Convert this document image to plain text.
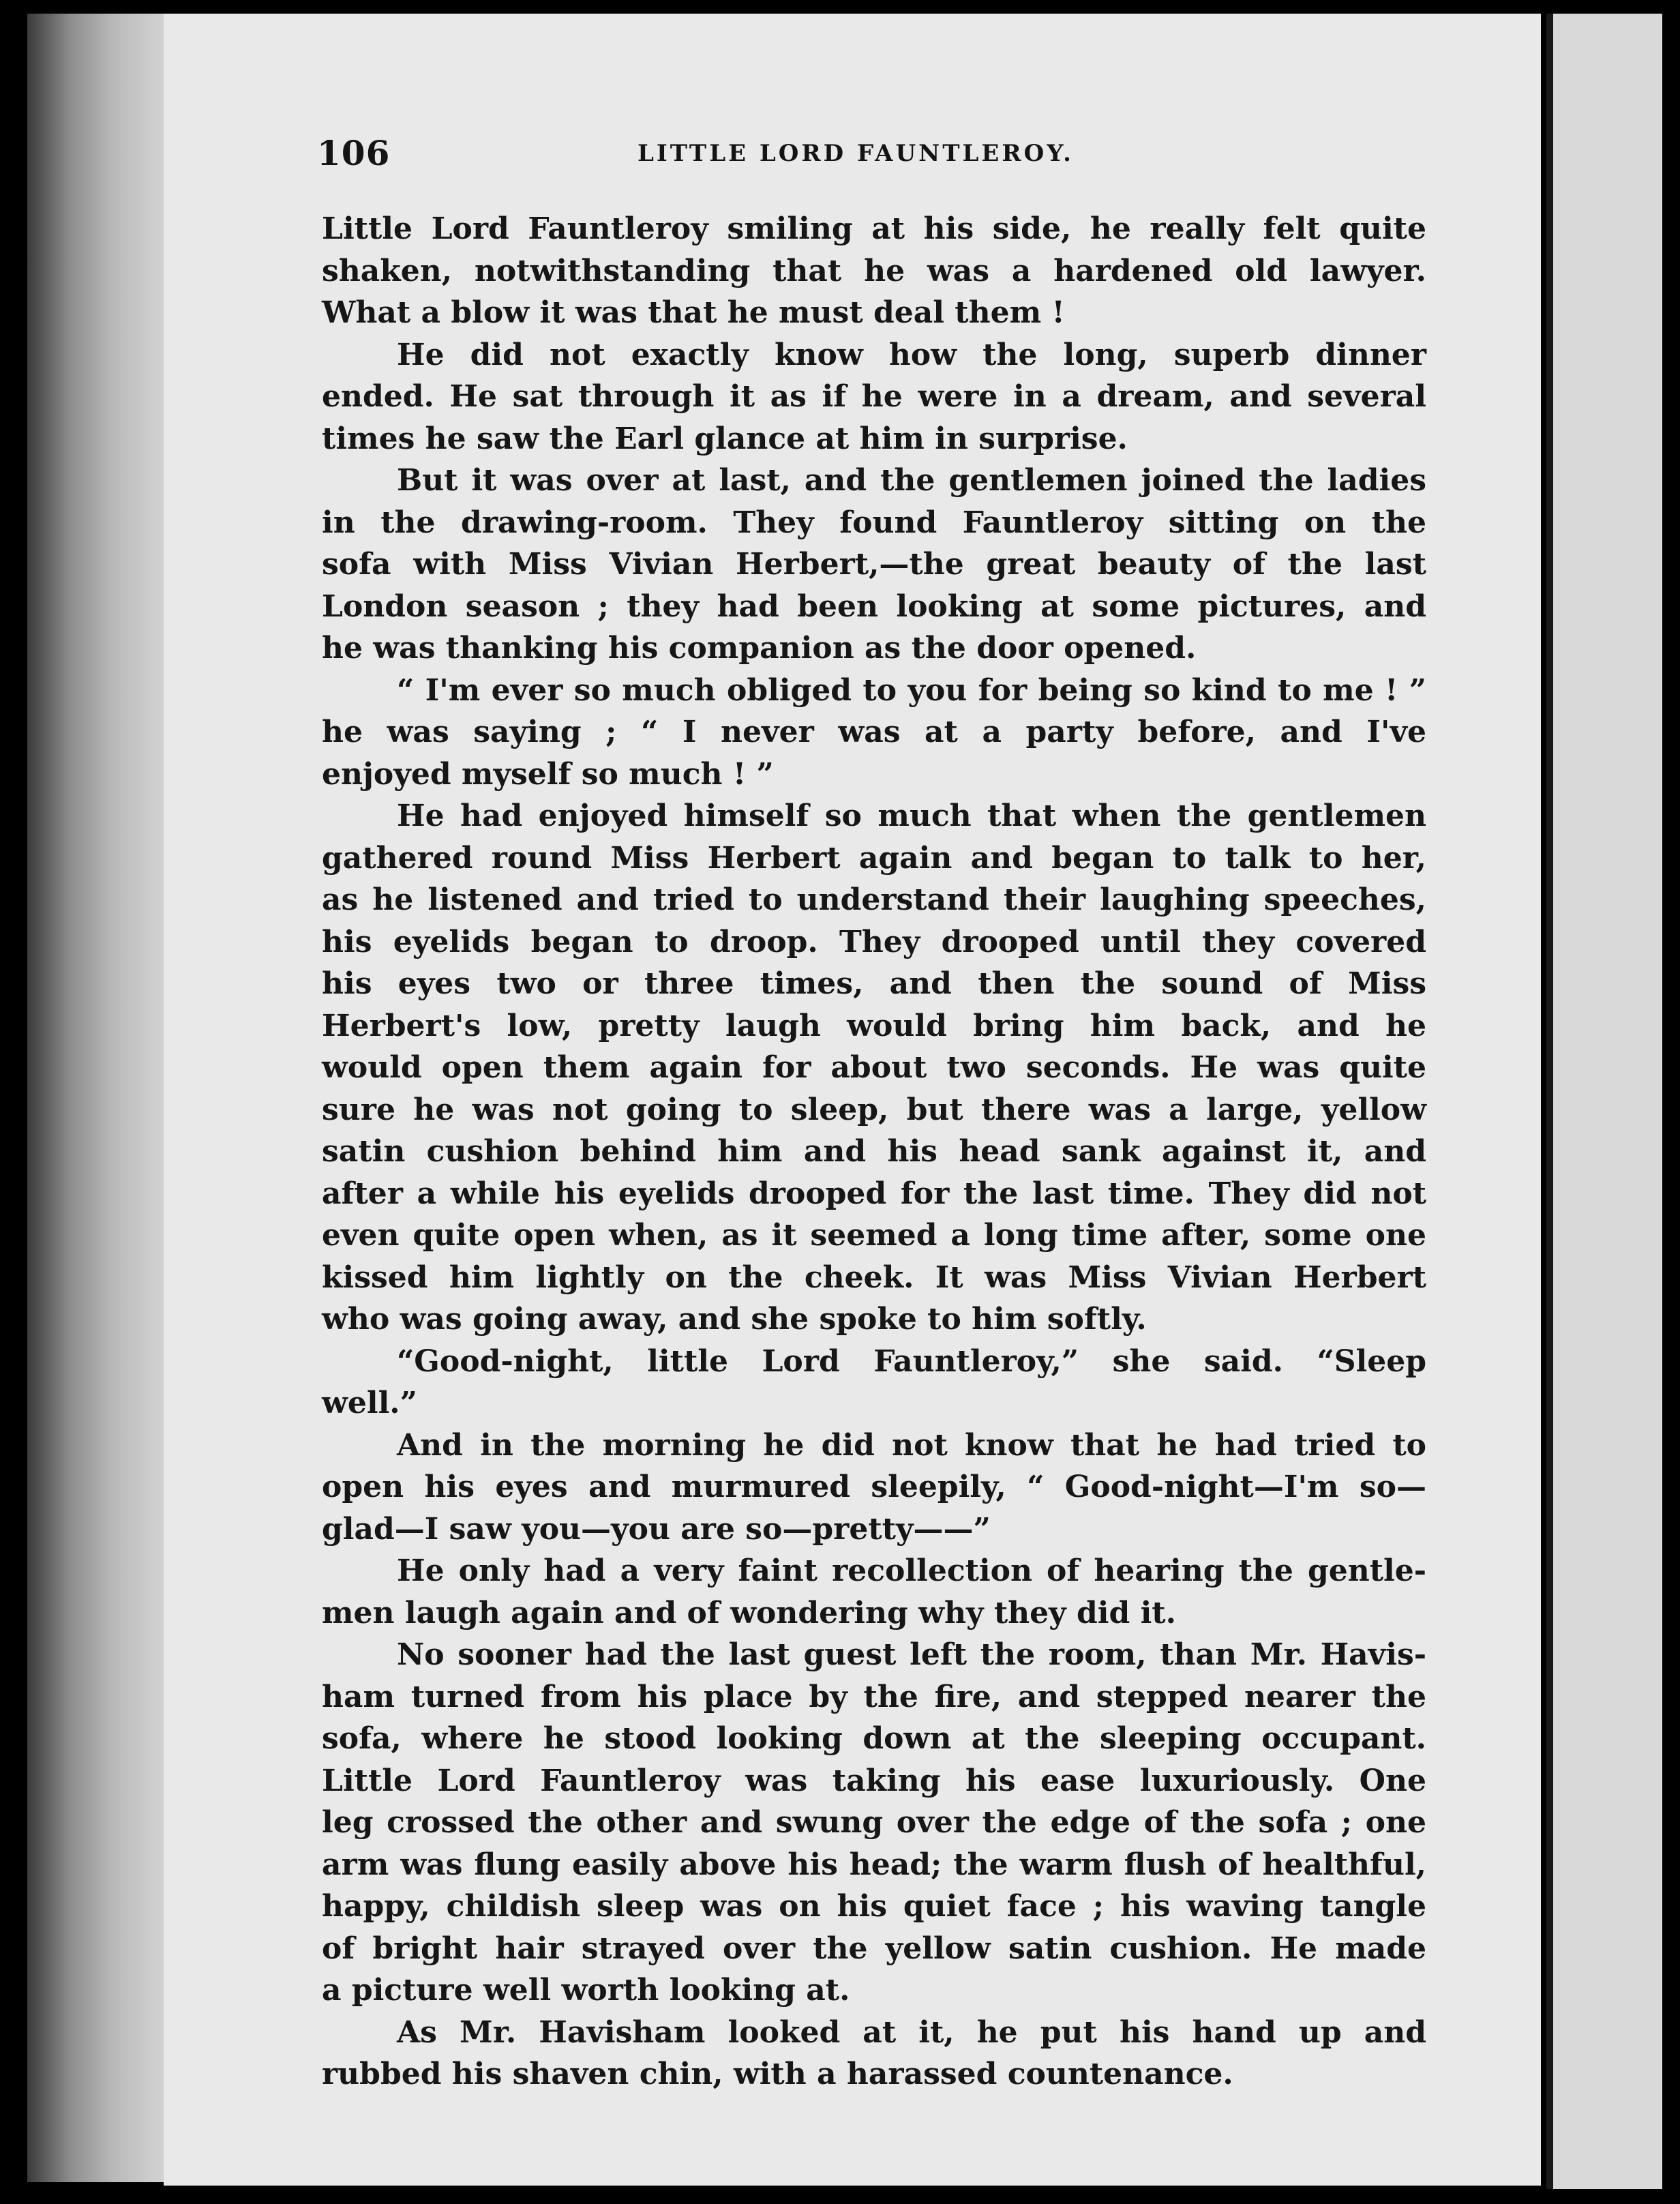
106	LITTLE LORD FAUNTLEROY.
Little Lord Fauntleroy smiling at his side, he really felt quite
shaken, notwithstanding that he was a hardened old lawyer.
What a blow it was that he must deal them !
He did not exactly know how the long, superb dinner
ended. He sat through it as if he were in a dream, and several
times he saw the Earl glance at him in surprise.
But it was over at last, and the gentlemen joined the ladies
in the drawing-room. They found Fauntleroy sitting on the
sofa with Miss Vivian Herbert,—the great beauty of the last
London season ; they had been looking at some pictures, and
he was thanking his companion as the door opened.
“ I'm ever so much obliged to you for being so kind to me ! ”
he was saying ; “ I never was at a party before, and I've
enjoyed myself so much ! ”
He had enjoyed himself so much that when the gentlemen
gathered round Miss Herbert again and began to talk to her,
as he listened and tried to understand their laughing speeches,
his eyelids began to droop. They drooped until they covered
his eyes two or three times, and then the sound of Miss
Herbert's low, pretty laugh would bring him back, and he
would open them again for about two seconds. He was quite
sure he was not going to sleep, but there was a large, yellow
satin cushion behind him and his head sank against it, and
after a while his eyelids drooped for the last time. They did not
even quite open when, as it seemed a long time after, some one
kissed him lightly on the cheek. It was Miss Vivian Herbert
who was going away, and she spoke to him softly.
“Good-night, little Lord Fauntleroy,” she said. “Sleep
well.”
And in the morning he did not know that he had tried to
open his eyes and murmured sleepily, “ Good-night—I'm so—
glad—I saw you—you are so—pretty——”
He only had a very faint recollection of hearing the gentle-
men laugh again and of wondering why they did it.
No sooner had the last guest left the room, than Mr. Havis-
ham turned from his place by the fire, and stepped nearer the
sofa, where he stood looking down at the sleeping occupant.
Little Lord Fauntleroy was taking his ease luxuriously. One
leg crossed the other and swung over the edge of the sofa ; one
arm was flung easily above his head; the warm flush of healthful,
happy, childish sleep was on his quiet face ; his waving tangle
of bright hair strayed over the yellow satin cushion. He made
a picture well worth looking at.
As Mr. Havisham looked at it, he put his hand up and
rubbed his shaven chin, with a harassed countenance.
